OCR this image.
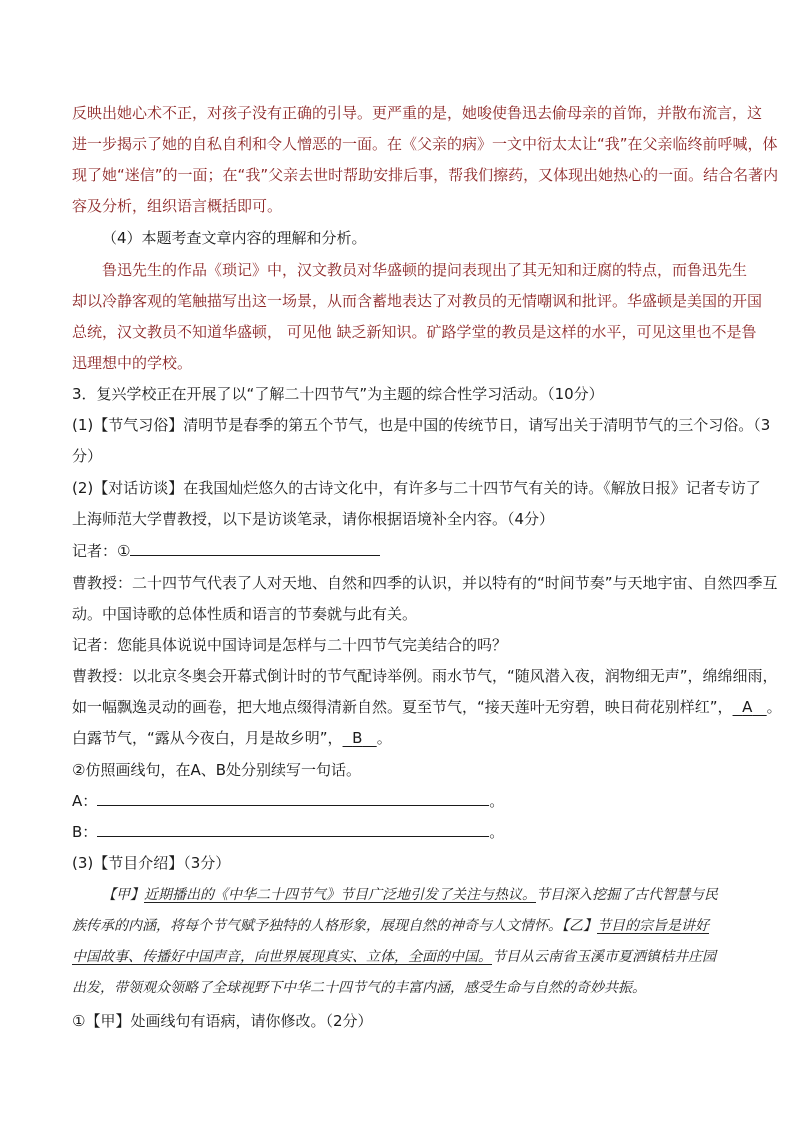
反映出她心术不正，对孩子没有正确的引导。更严重的是，她唆使鲁迅去偷母亲的首饰，并散布流言，这
进一步揭示了她的自私自利和令人憎恶的一面。在《父亲的病》一文中衍太太让“我”在父亲临终前呼喊，体
现了她“迷信”的一面；在“我”父亲去世时帮助安排后事，帮我们擦药，又体现出她热心的一面。结合名著内
容及分析，组织语言概括即可。
（4）本题考查文章内容的理解和分析。
鲁迅先生的作品《琐记》中，汉文教员对华盛顿的提问表现出了其无知和迂腐的特点，而鲁迅先生
却以冷静客观的笔触描写出这一场景，从而含蓄地表达了对教员的无情嘲讽和批评。华盛顿是美国的开国
总统，汉文教员不知道华盛顿， 可见他 缺乏新知识。矿路学堂的教员是这样的水平，可见这里也不是鲁
迅理想中的学校。
3．复兴学校正在开展了以“了解二十四节气”为主题的综合性学习活动。（10分）
(1)【节气习俗】清明节是春季的第五个节气，也是中国的传统节日，请写出关于清明节气的三个习俗。（3
分）
(2)【对话访谈】在我国灿烂悠久的古诗文化中，有许多与二十四节气有关的诗。《解放日报》记者专访了
上海师范大学曹教授，以下是访谈笔录，请你根据语境补全内容。（4分）
记者：①
曹教授：二十四节气代表了人对天地、自然和四季的认识，并以特有的“时间节奏”与天地宇宙、自然四季互
动。中国诗歌的总体性质和语言的节奏就与此有关。
记者：您能具体说说中国诗词是怎样与二十四节气完美结合的吗？
曹教授：以北京冬奥会开幕式倒计时的节气配诗举例。雨水节气，“随风潜入夜，润物细无声”，绵绵细雨，
如一幅飘逸灵动的画卷，把大地点缀得清新自然。夏至节气，“接天莲叶无穷碧，映日荷花别样红”， A 。
白露节气，“露从今夜白，月是故乡明”， B 。
②仿照画线句，在A、B处分别续写一句话。
A：	。
B：	。
(3)【节目介绍】（3分）
【甲】近期播出的《中华二十四节气》节目广泛地引发了关注与热议。节目深入挖掘了古代智慧与民
族传承的内涵，将每个节气赋予独特的人格形象，展现自然的神奇与人文情怀。【乙】节目的宗旨是讲好
中国故事、传播好中国声音，向世界展现真实、立体，全面的中国。节目从云南省玉溪市夏洒镇桔井庄园
出发，带领观众领略了全球视野下中华二十四节气的丰富内涵，感受生命与自然的奇妙共振。
①【甲】处画线句有语病，请你修改。（2分）
